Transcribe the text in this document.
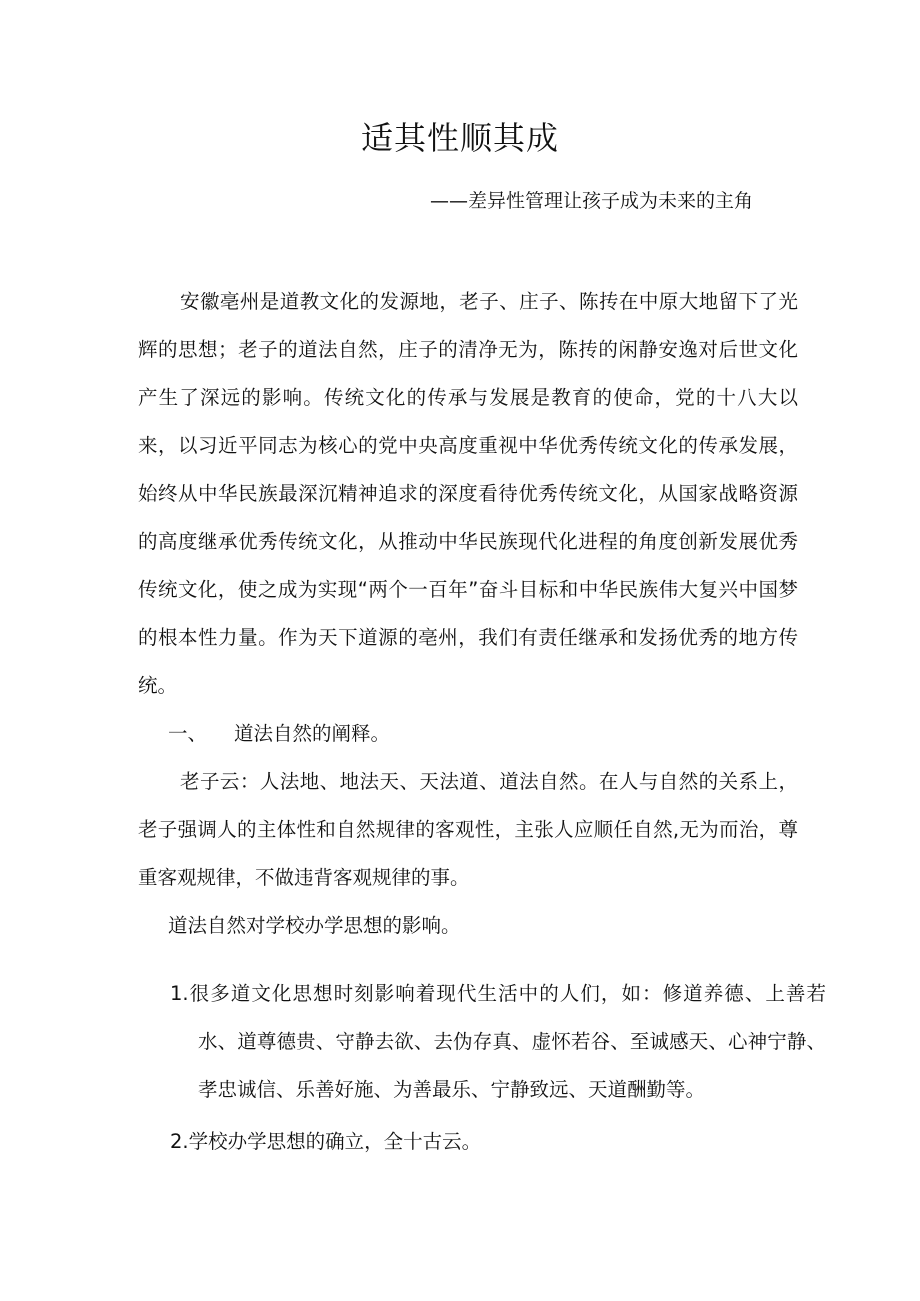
适其性顺其成

——差异性管理让孩子成为未来的主角

安徽亳州是道教文化的发源地，老子、庄子、陈抟在中原大地留下了光辉的思想；老子的道法自然，庄子的清净无为，陈抟的闲静安逸对后世文化产生了深远的影响。传统文化的传承与发展是教育的使命，党的十八大以来，以习近平同志为核心的党中央高度重视中华优秀传统文化的传承发展，始终从中华民族最深沉精神追求的深度看待优秀传统文化，从国家战略资源的高度继承优秀传统文化，从推动中华民族现代化进程的角度创新发展优秀传统文化，使之成为实现“两个一百年”奋斗目标和中华民族伟大复兴中国梦的根本性力量。作为天下道源的亳州，我们有责任继承和发扬优秀的地方传统。

一、 道法自然的阐释。

老子云：人法地、地法天、天法道、道法自然。在人与自然的关系上，老子强调人的主体性和自然规律的客观性，主张人应顺任自然,无为而治，尊重客观规律，不做违背客观规律的事。

道法自然对学校办学思想的影响。

1.很多道文化思想时刻影响着现代生活中的人们，如：修道养德、上善若水、道尊德贵、守静去欲、去伪存真、虚怀若谷、至诚感天、心神宁静、孝忠诚信、乐善好施、为善最乐、宁静致远、天道酬勤等。

2.学校办学思想的确立，全十古云。
